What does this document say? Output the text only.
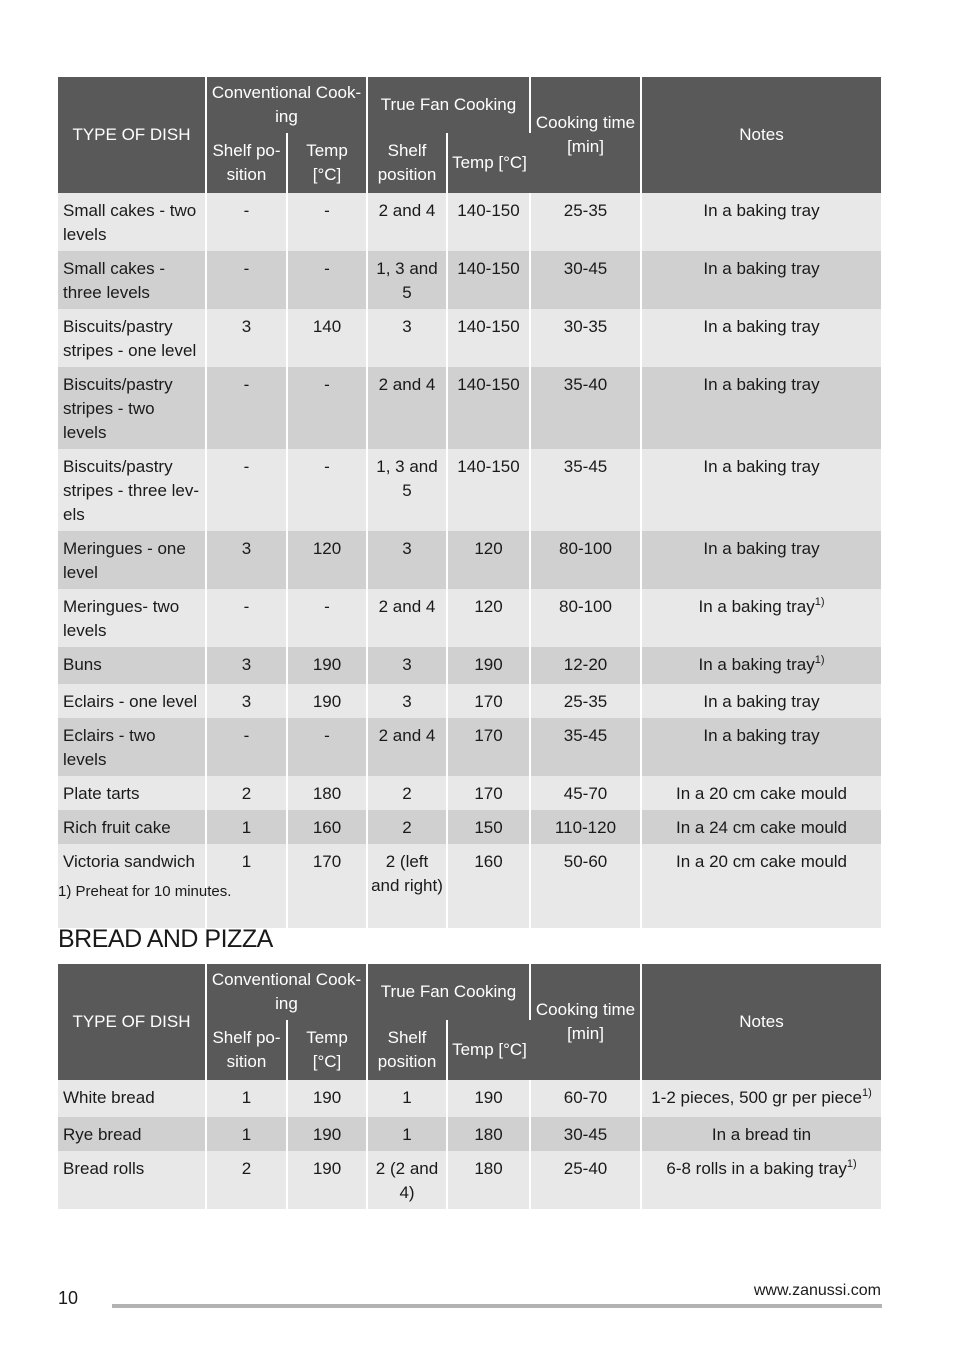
TYPE OF DISH	Conventional Cook-ing		True Fan Cooking		Cooking time [min]	Notes
	Shelf po-sition	Temp [°C]	Shelf position	Temp [°C]		
Small cakes - two levels	-	-	2 and 4	140-150	25-35	In a baking tray
Small cakes - three levels	-	-	1, 3 and 5	140-150	30-45	In a baking tray
Biscuits/pastry stripes - one level	3	140	3	140-150	30-35	In a baking tray
Biscuits/pastry stripes - two levels	-	-	2 and 4	140-150	35-40	In a baking tray
Biscuits/pastry stripes - three lev-els	-	-	1, 3 and 5	140-150	35-45	In a baking tray
Meringues - one level	3	120	3	120	80-100	In a baking tray
Meringues- two levels	-	-	2 and 4	120	80-100	In a baking tray$^{1)}$
Buns	3	190	3	190	12-20	In a baking tray$^{1)}$
Eclairs - one level	3	190	3	170	25-35	In a baking tray
Eclairs - two levels	-	-	2 and 4	170	35-45	In a baking tray
Plate tarts	2	180	2	170	45-70	In a 20 cm cake mould
Rich fruit cake	1	160	2	150	110-120	In a 24 cm cake mould
Victoria sandwich	1	170	2 (left and right)	160	50-60	In a 20 cm cake mould
1) Preheat for 10 minutes.
BREAD AND PIZZA
TYPE OF DISH	Conventional Cook-ing		True Fan Cooking		Cooking time [min]	Notes
	Shelf po-sition	Temp [°C]	Shelf position	Temp [°C]		
White bread	1	190	1	190	60-70	1-2 pieces, 500 gr per piece$^{1)}$
Rye bread	1	190	1	180	30-45	In a bread tin
Bread rolls	2	190	2 (2 and 4)	180	25-40	6-8 rolls in a baking tray$^{1)}$
10	www.zanussi.com
